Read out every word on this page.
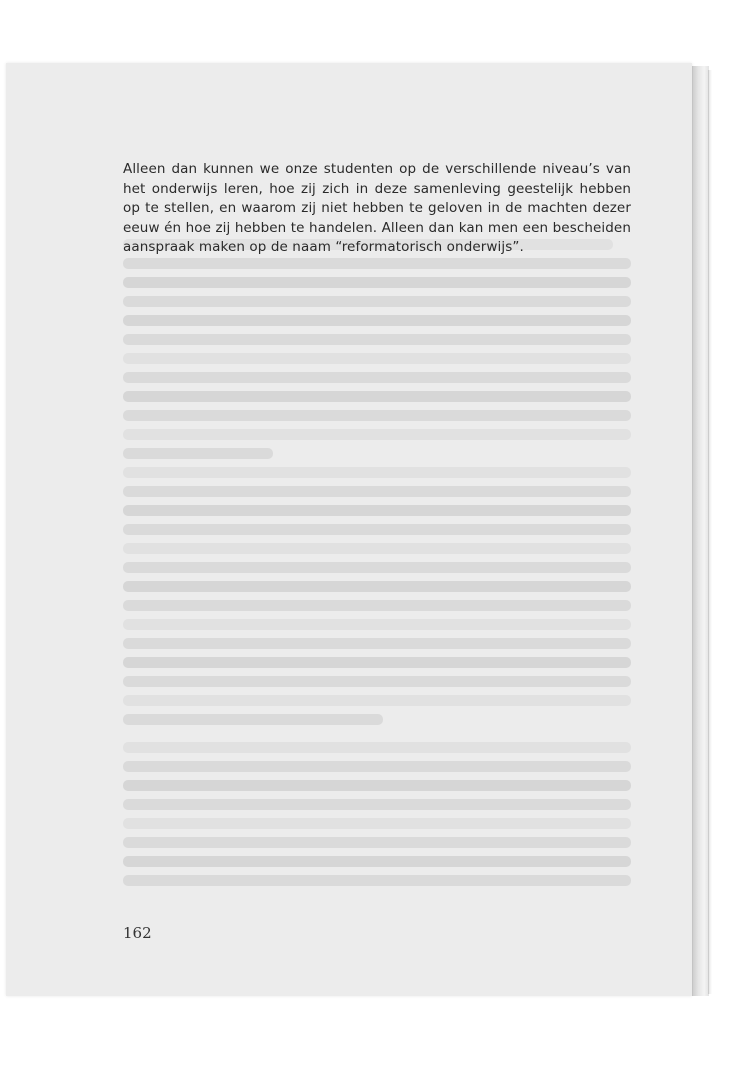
Alleen dan kunnen we onze studenten op de verschillende niveau’s van het onderwijs leren, hoe zij zich in deze samenleving geestelijk hebben op te stellen, en waarom zij niet hebben te geloven in de machten dezer eeuw én hoe zij hebben te handelen. Alleen dan kan men een bescheiden aanspraak maken op de naam “reformatorisch onderwijs”.

162
